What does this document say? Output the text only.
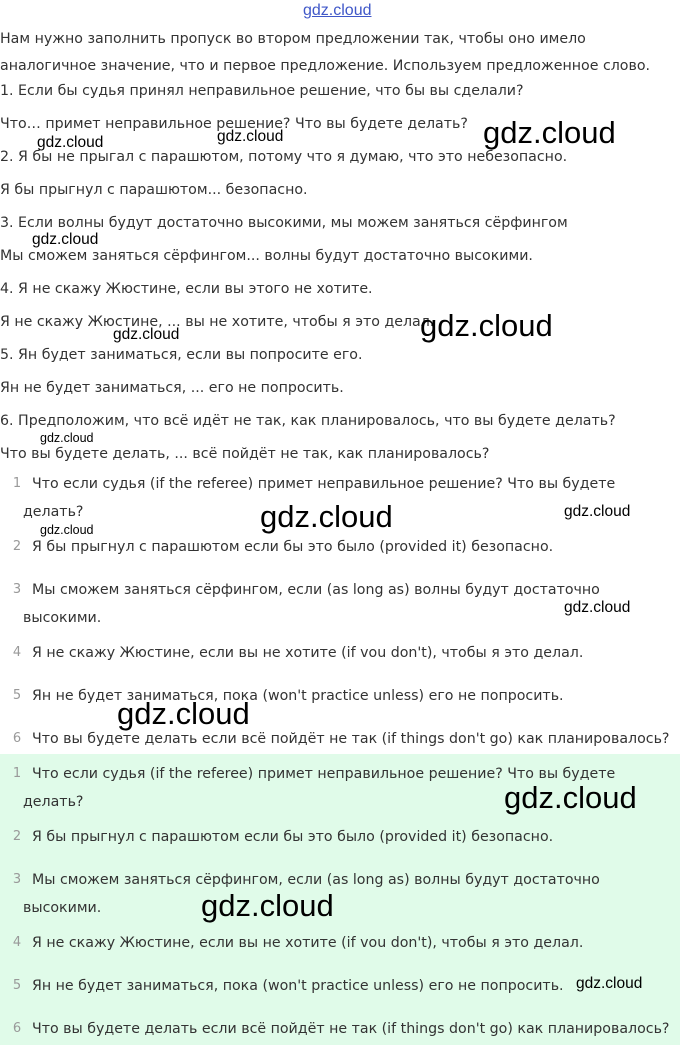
gdz.cloud
Нам нужно заполнить пропуск во втором предложении так, чтобы оно имело
аналогичное значение, что и первое предложение. Используем предложенное слово.
1. Если бы судья принял неправильное решение, что бы вы сделали?
Что… примет неправильное решение? Что вы будете делать?
2. Я бы не прыгал с парашютом, потому что я думаю, что это небезопасно.
Я бы прыгнул с парашютом... безопасно.
3. Если волны будут достаточно высокими, мы можем заняться сёрфингом
Мы сможем заняться сёрфингом... волны будут достаточно высокими.
4. Я не скажу Жюстине, если вы этого не хотите.
Я не скажу Жюстине, ... вы не хотите, чтобы я это делал.
5. Ян будет заниматься, если вы попросите его.
Ян не будет заниматься, ... его не попросить.
6. Предположим, что всё идёт не так, как планировалось, что вы будете делать?
Что вы будете делать, ... всё пойдёт не так, как планировалось?
1 Что если судья (if the referee) примет неправильное решение? Что вы будете
делать?
2 Я бы прыгнул с парашютом если бы это было (provided it) безопасно.
3 Мы сможем заняться сёрфингом, если (as long as) волны будут достаточно
высокими.
4 Я не скажу Жюстине, если вы не хотите (if vou don't), чтобы я это делал.
5 Ян не будет заниматься, пока (won't practice unless) его не попросить.
6 Что вы будете делать если всё пойдёт не так (if things don't go) как планировалось?
1 Что если судья (if the referee) примет неправильное решение? Что вы будете
делать?
2 Я бы прыгнул с парашютом если бы это было (provided it) безопасно.
3 Мы сможем заняться сёрфингом, если (as long as) волны будут достаточно
высокими.
4 Я не скажу Жюстине, если вы не хотите (if vou don't), чтобы я это делал.
5 Ян не будет заниматься, пока (won't practice unless) его не попросить.
6 Что вы будете делать если всё пойдёт не так (if things don't go) как планировалось?
gdz.cloud	gdz.cloud	gdz.cloud
gdz.cloud
gdz.cloud
gdz.cloud
gdz.cloud
gdz.cloud	gdz.cloud
gdz.cloud
gdz.cloud
gdz.cloud
gdz.cloud
gdz.cloud
gdz.cloud
